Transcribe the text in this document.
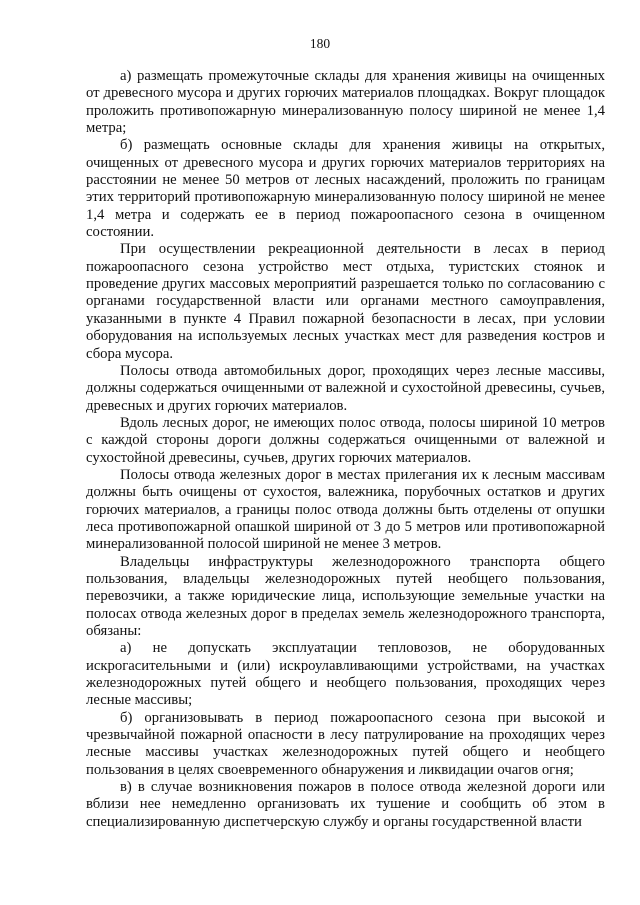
180

а) размещать промежуточные склады для хранения живицы на очищенных от древесного мусора и других горючих материалов площадках. Вокруг площадок проложить противопожарную минерализованную полосу шириной не менее 1,4 метра;

б) размещать основные склады для хранения живицы на открытых, очищенных от древесного мусора и других горючих материалов территориях на расстоянии не менее 50 метров от лесных насаждений, проложить по границам этих территорий противопожарную минерализованную полосу шириной не менее 1,4 метра и содержать ее в период пожароопасного сезона в очищенном состоянии.

При осуществлении рекреационной деятельности в лесах в период пожароопасного сезона устройство мест отдыха, туристских стоянок и проведение других массовых мероприятий разрешается только по согласованию с органами государственной власти или органами местного самоуправления, указанными в пункте 4 Правил пожарной безопасности в лесах, при условии оборудования на используемых лесных участках мест для разведения костров и сбора мусора.

Полосы отвода автомобильных дорог, проходящих через лесные массивы, должны содержаться очищенными от валежной и сухостойной древесины, сучьев, древесных и других горючих материалов.

Вдоль лесных дорог, не имеющих полос отвода, полосы шириной 10 метров с каждой стороны дороги должны содержаться очищенными от валежной и сухостойной древесины, сучьев, других горючих материалов.

Полосы отвода железных дорог в местах прилегания их к лесным массивам должны быть очищены от сухостоя, валежника, порубочных остатков и других горючих материалов, а границы полос отвода должны быть отделены от опушки леса противопожарной опашкой шириной от 3 до 5 метров или противопожарной минерализованной полосой шириной не менее 3 метров.

Владельцы инфраструктуры железнодорожного транспорта общего пользования, владельцы железнодорожных путей необщего пользования, перевозчики, а также юридические лица, использующие земельные участки на полосах отвода железных дорог в пределах земель железнодорожного транспорта, обязаны:

а) не допускать эксплуатации тепловозов, не оборудованных искрогасительными и (или) искроулавливающими устройствами, на участках железнодорожных путей общего и необщего пользования, проходящих через лесные массивы;

б) организовывать в период пожароопасного сезона при высокой и чрезвычайной пожарной опасности в лесу патрулирование на проходящих через лесные массивы участках железнодорожных путей общего и необщего пользования в целях своевременного обнаружения и ликвидации очагов огня;

в) в случае возникновения пожаров в полосе отвода железной дороги или вблизи нее немедленно организовать их тушение и сообщить об этом в специализированную диспетчерскую службу и органы государственной власти
